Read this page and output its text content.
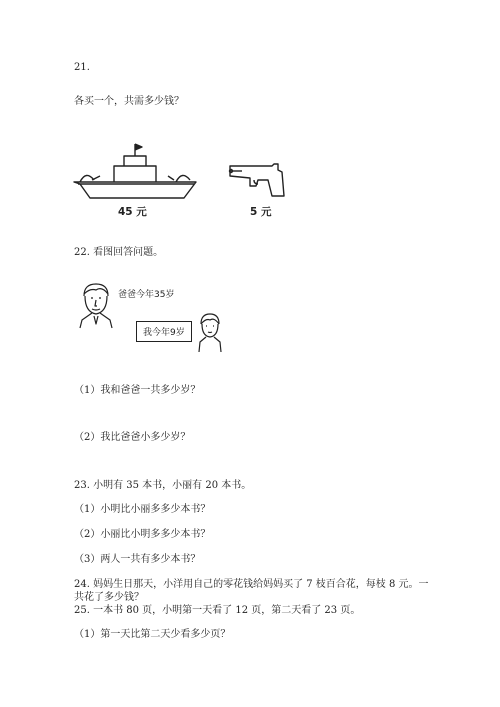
21.
各买一个，共需多少钱？
45 元	5 元
22. 看图回答问题。
爸爸今年35岁
我今年9岁
（1）我和爸爸一共多少岁？
（2）我比爸爸小多少岁？
23. 小明有 35 本书，小丽有 20 本书。
（1）小明比小丽多多少本书？
（2）小丽比小明多多少本书？
（3）两人一共有多少本书？
24. 妈妈生日那天，小洋用自己的零花钱给妈妈买了 7 枝百合花，每枝 8 元。一
共花了多少钱？
25. 一本书 80 页，小明第一天看了 12 页，第二天看了 23 页。
（1）第一天比第二天少看多少页？
